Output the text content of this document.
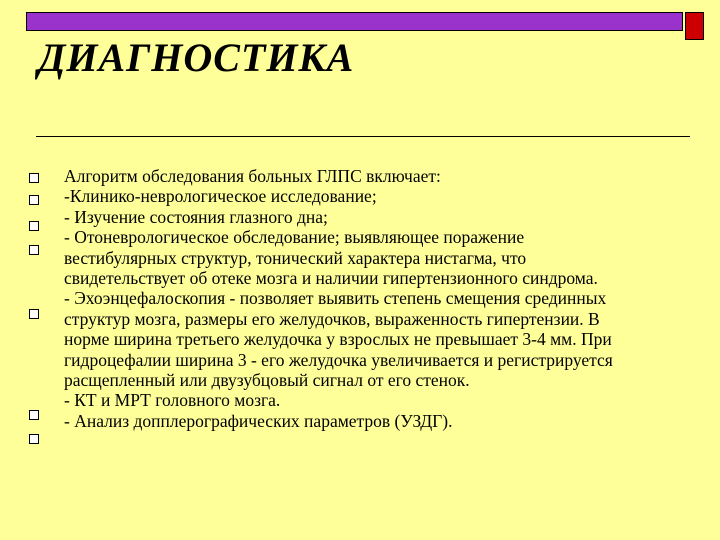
ДИАГНОСТИКА
Алгоритм обследования больных ГЛПС включает:
-Клинико-неврологическое исследование;
- Изучение состояния глазного дна;
- Отоневрологическое обследование; выявляющее поражение
вестибулярных структур, тонический характера нистагма, что
свидетельствует об отеке мозга и наличии гипертензионного синдрома.
- Эхоэнцефалоскопия - позволяет выявить степень смещения срединных
структур мозга, размеры его желудочков, выраженность гипертензии. В
норме ширина третьего желудочка у взрослых не превышает 3-4 мм. При
гидроцефалии ширина 3 - его желудочка увеличивается и регистрируется
расщепленный или двузубцовый сигнал от его стенок.
- КТ и МРТ головного мозга.
- Анализ допплерографических параметров (УЗДГ).
